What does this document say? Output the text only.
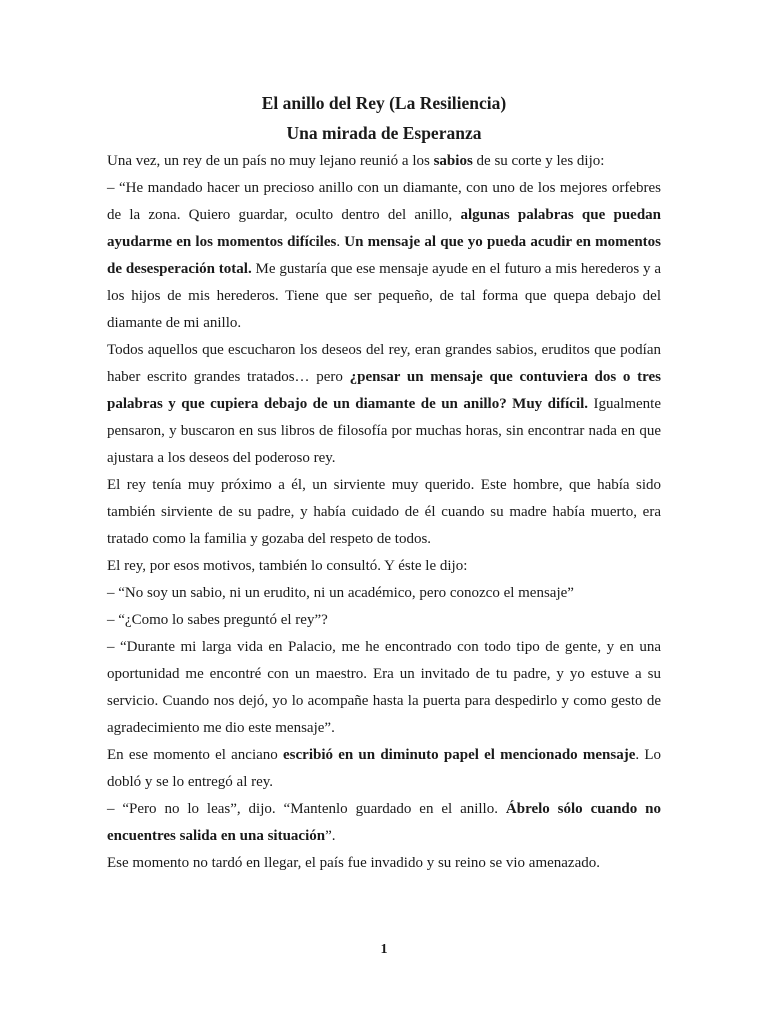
El anillo del Rey (La Resiliencia)
Una mirada de Esperanza

Una vez, un rey de un país no muy lejano reunió a los sabios de su corte y les dijo:

– “He mandado hacer un precioso anillo con un diamante, con uno de los mejores orfebres de la zona. Quiero guardar, oculto dentro del anillo, algunas palabras que puedan ayudarme en los momentos difíciles. Un mensaje al que yo pueda acudir en momentos de desesperación total. Me gustaría que ese mensaje ayude en el futuro a mis herederos y a los hijos de mis herederos. Tiene que ser pequeño, de tal forma que quepa debajo del diamante de mi anillo.

Todos aquellos que escucharon los deseos del rey, eran grandes sabios, eruditos que podían haber escrito grandes tratados… pero ¿pensar un mensaje que contuviera dos o tres palabras y que cupiera debajo de un diamante de un anillo? Muy difícil. Igualmente pensaron, y buscaron en sus libros de filosofía por muchas horas, sin encontrar nada en que ajustara a los deseos del poderoso rey.

El rey tenía muy próximo a él, un sirviente muy querido. Este hombre, que había sido también sirviente de su padre, y había cuidado de él cuando su madre había muerto, era tratado como la familia y gozaba del respeto de todos.

El rey, por esos motivos, también lo consultó. Y éste le dijo:

– “No soy un sabio, ni un erudito, ni un académico, pero conozco el mensaje”

– “¿Como lo sabes preguntó el rey”?

– “Durante mi larga vida en Palacio, me he encontrado con todo tipo de gente, y en una oportunidad me encontré con un maestro. Era un invitado de tu padre, y yo estuve a su servicio. Cuando nos dejó, yo lo acompañe hasta la puerta para despedirlo y como gesto de agradecimiento me dio este mensaje”.

En ese momento el anciano escribió en un diminuto papel el mencionado mensaje. Lo dobló y se lo entregó al rey.

– “Pero no lo leas”, dijo. “Mantenlo guardado en el anillo. Ábrelo sólo cuando no encuentres salida en una situación”.

Ese momento no tardó en llegar, el país fue invadido y su reino se vio amenazado.

1
